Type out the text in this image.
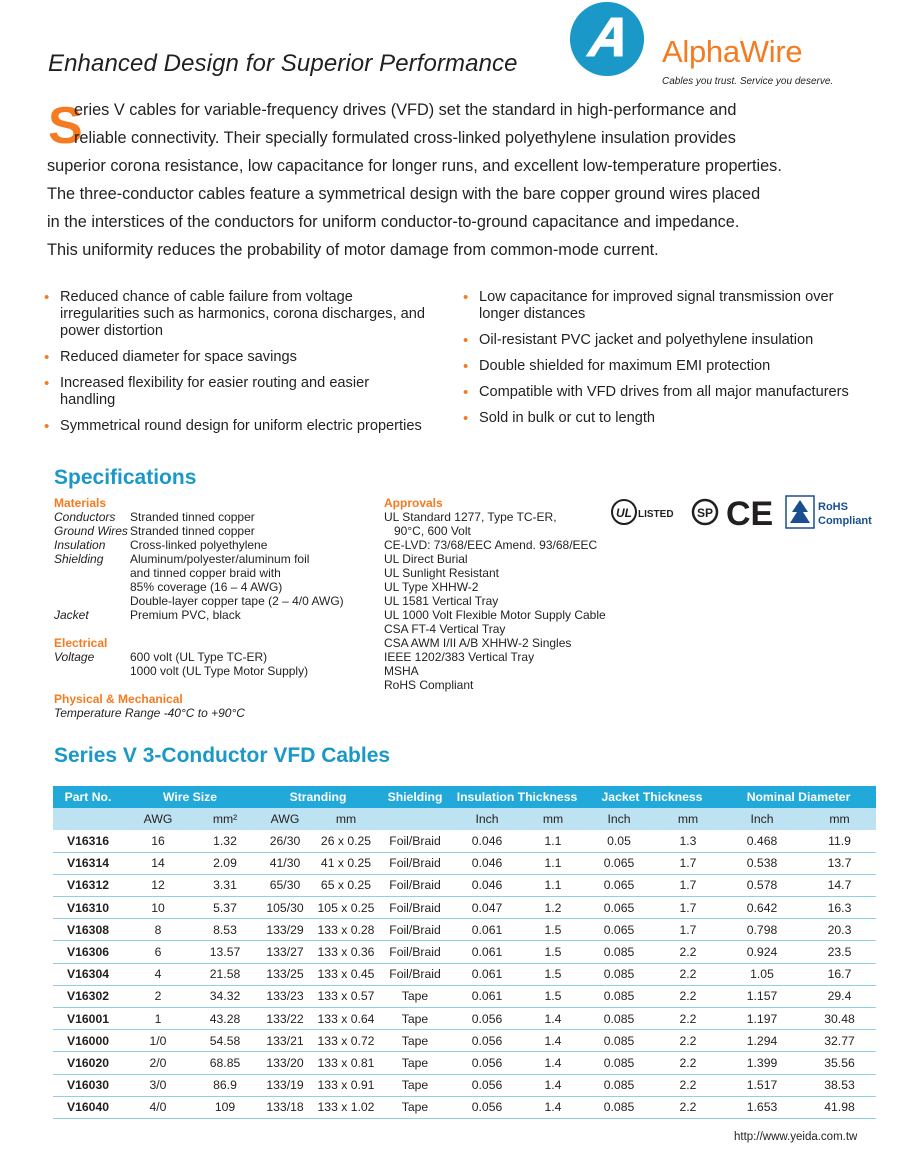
Enhanced Design for Superior Performance	AlphaWire
Cables you trust. Service you deserve.
S
eries V cables for variable-frequency drives (VFD) set the standard in high-performance and
reliable connectivity. Their specially formulated cross-linked polyethylene insulation provides
superior corona resistance, low capacitance for longer runs, and excellent low-temperature properties.
The three-conductor cables feature a symmetrical design with the bare copper ground wires placed
in the interstices of the conductors for uniform conductor-to-ground capacitance and impedance.
This uniformity reduces the probability of motor damage from common-mode current.
• Reduced chance of cable failure from voltage irregularities such as harmonics, corona discharges, and power distortion
• Reduced diameter for space savings
• Increased flexibility for easier routing and easier handling
• Symmetrical round design for uniform electric properties
• Low capacitance for improved signal transmission over longer distances
• Oil-resistant PVC jacket and polyethylene insulation
• Double shielded for maximum EMI protection
• Compatible with VFD drives from all major manufacturers
• Sold in bulk or cut to length
Specifications
Materials
Conductors	Stranded tinned copper
Ground Wires Stranded tinned copper
Insulation	Cross-linked polyethylene
Shielding	Aluminum/polyester/aluminum foil
and tinned copper braid with
85% coverage (16 – 4 AWG)
Double-layer copper tape (2 – 4/0 AWG)
Jacket	Premium PVC, black
Electrical
Voltage	600 volt (UL Type TC-ER)
1000 volt (UL Type Motor Supply)
Physical & Mechanical
Temperature Range -40°C to +90°C
Approvals
UL Standard 1277, Type TC-ER,
90°C, 600 Volt
CE-LVD: 73/68/EEC Amend. 93/68/EEC
UL Direct Burial
UL Sunlight Resistant
UL Type XHHW-2
UL 1581 Vertical Tray
UL 1000 Volt Flexible Motor Supply Cable
CSA FT-4 Vertical Tray
CSA AWM I/II A/B XHHW-2 Singles
IEEE 1202/383 Vertical Tray
MSHA
RoHS Compliant
UL LISTED SP CE	RoHS
Compliant
Series V 3-Conductor VFD Cables
Part No.	Wire Size		Stranding		Shielding	Insulation Thickness		Jacket Thickness		Nominal Diameter	
	AWG	mm²	AWG	mm		Inch	mm	Inch	mm	Inch	mm
V16316	16	1.32	26/30	26 x 0.25	Foil/Braid	0.046	1.1	0.05	1.3	0.468	11.9
V16314	14	2.09	41/30	41 x 0.25	Foil/Braid	0.046	1.1	0.065	1.7	0.538	13.7
V16312	12	3.31	65/30	65 x 0.25	Foil/Braid	0.046	1.1	0.065	1.7	0.578	14.7
V16310	10	5.37	105/30	105 x 0.25	Foil/Braid	0.047	1.2	0.065	1.7	0.642	16.3
V16308	8	8.53	133/29	133 x 0.28	Foil/Braid	0.061	1.5	0.065	1.7	0.798	20.3
V16306	6	13.57	133/27	133 x 0.36	Foil/Braid	0.061	1.5	0.085	2.2	0.924	23.5
V16304	4	21.58	133/25	133 x 0.45	Foil/Braid	0.061	1.5	0.085	2.2	1.05	16.7
V16302	2	34.32	133/23	133 x 0.57	Tape	0.061	1.5	0.085	2.2	1.157	29.4
V16001	1	43.28	133/22	133 x 0.64	Tape	0.056	1.4	0.085	2.2	1.197	30.48
V16000	1/0	54.58	133/21	133 x 0.72	Tape	0.056	1.4	0.085	2.2	1.294	32.77
V16020	2/0	68.85	133/20	133 x 0.81	Tape	0.056	1.4	0.085	2.2	1.399	35.56
V16030	3/0	86.9	133/19	133 x 0.91	Tape	0.056	1.4	0.085	2.2	1.517	38.53
V16040	4/0	109	133/18	133 x 1.02	Tape	0.056	1.4	0.085	2.2	1.653	41.98
http://www.yeida.com.tw
